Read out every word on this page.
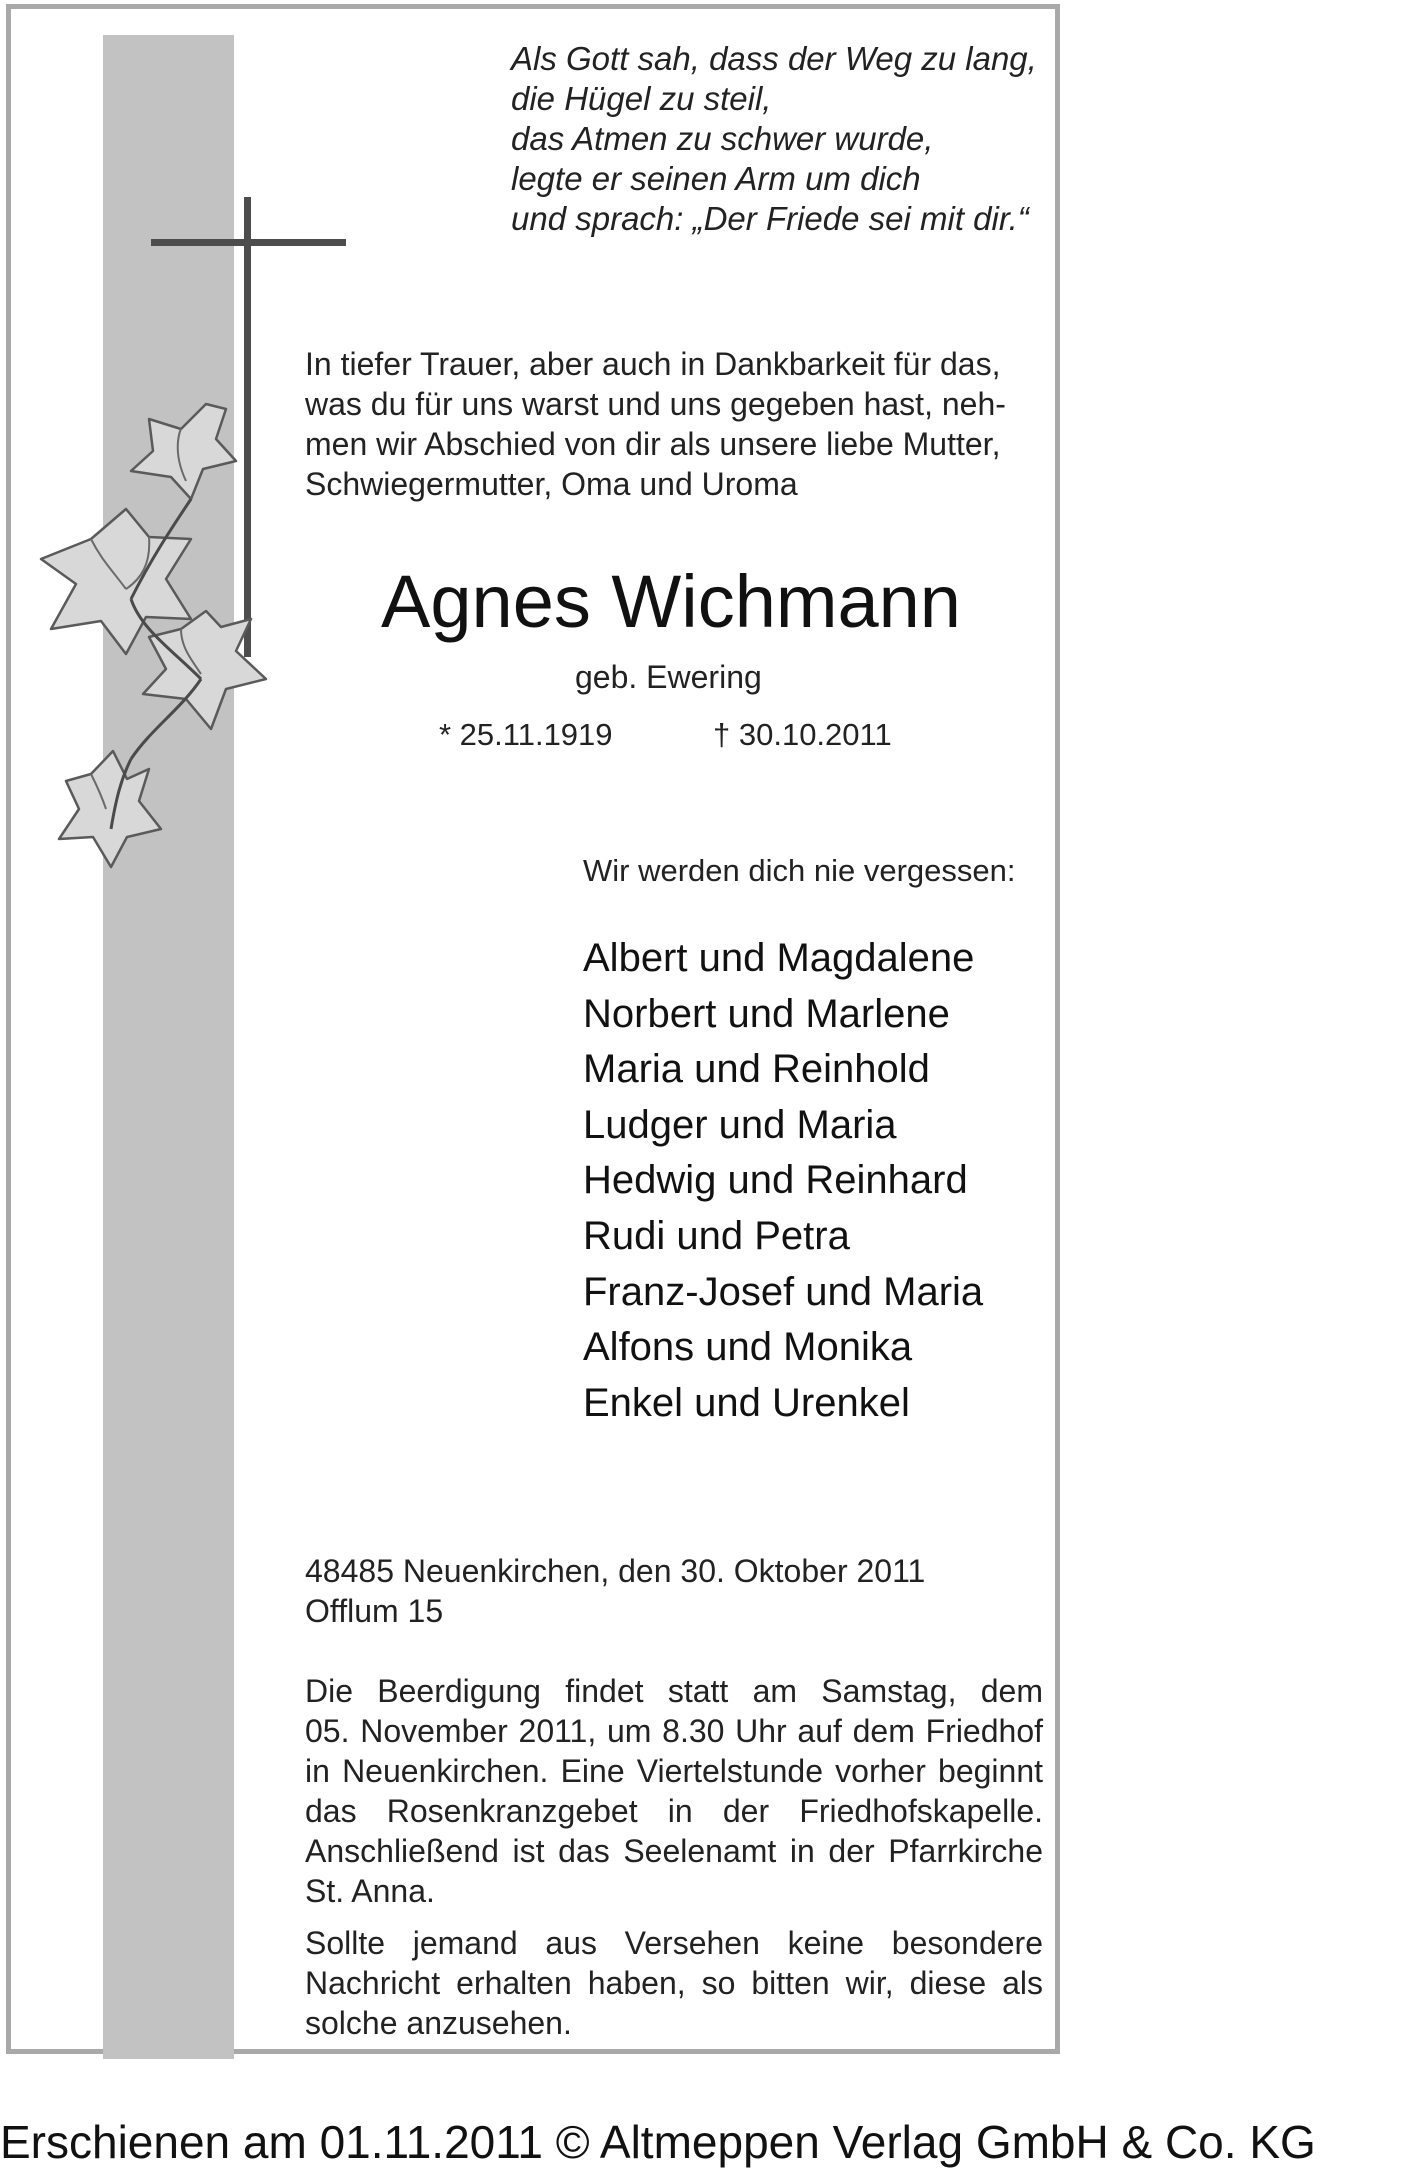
Als Gott sah, dass der Weg zu lang,
die Hügel zu steil,
das Atmen zu schwer wurde,
legte er seinen Arm um dich
und sprach: „Der Friede sei mit dir.“
In tiefer Trauer, aber auch in Dankbarkeit für das,
was du für uns warst und uns gegeben hast, neh-
men wir Abschied von dir als unsere liebe Mutter,
Schwiegermutter, Oma und Uroma
Agnes Wichmann
geb. Ewering
* 25.11.1919	† 30.10.2011
Wir werden dich nie vergessen:
Albert und Magdalene
Norbert und Marlene
Maria und Reinhold
Ludger und Maria
Hedwig und Reinhard
Rudi und Petra
Franz-Josef und Maria
Alfons und Monika
Enkel und Urenkel
48485 Neuenkirchen, den 30. Oktober 2011
Offlum 15
Die Beerdigung findet statt am Samstag, dem
05. November 2011, um 8.30 Uhr auf dem Friedhof
in Neuenkirchen. Eine Viertelstunde vorher beginnt
das Rosenkranzgebet in der Friedhofskapelle.
Anschließend ist das Seelenamt in der Pfarrkirche
St. Anna.
Sollte jemand aus Versehen keine besondere
Nachricht erhalten haben, so bitten wir, diese als
solche anzusehen.
Erschienen am 01.11.2011 © Altmeppen Verlag GmbH & Co. KG
